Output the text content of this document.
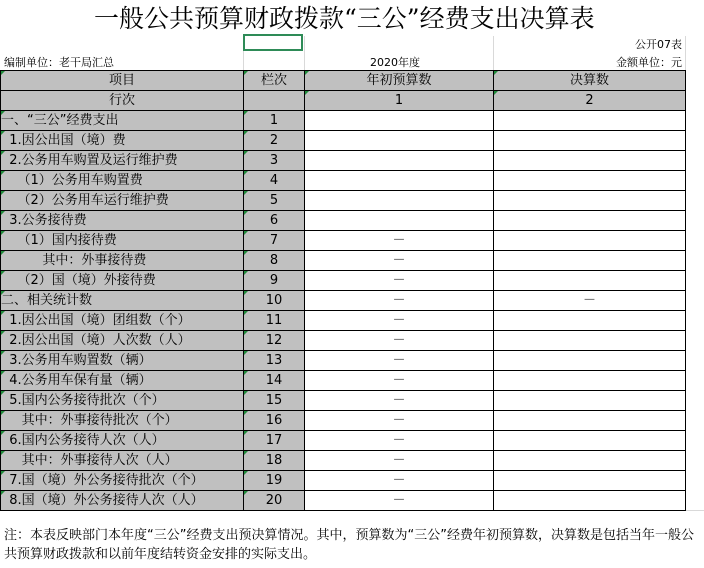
一般公共预算财政拨款“三公”经费支出决算表
公开07表
编制单位：老干局汇总	2020年度	金额单位：元
项目	栏次	年初预算数	决算数
行次		1	2
一、“三公”经费支出	1		
1.因公出国（境）费	2		
2.公务用车购置及运行维护费	3		
（1）公务用车购置费	4		
（2）公务用车运行维护费	5		
3.公务接待费	6		
（1）国内接待费	7	－	
其中：外事接待费	8	－	
（2）国（境）外接待费	9	－	
二、相关统计数	10	－	－
1.因公出国（境）团组数（个）	11	－	
2.因公出国（境）人次数（人）	12	－	
3.公务用车购置数（辆）	13	－	
4.公务用车保有量（辆）	14	－	
5.国内公务接待批次（个）	15	－	
其中：外事接待批次（个）	16	－	
6.国内公务接待人次（人）	17	－	
其中：外事接待人次（人）	18	－	
7.国（境）外公务接待批次（个）	19	－	
8.国（境）外公务接待人次（人）	20	－	
注：本表反映部门本年度“三公”经费支出预决算情况。其中，预算数为“三公”经费年初预算数，决算数是包括当年一般公共预算财政拨款和以前年度结转资金安排的实际支出。
